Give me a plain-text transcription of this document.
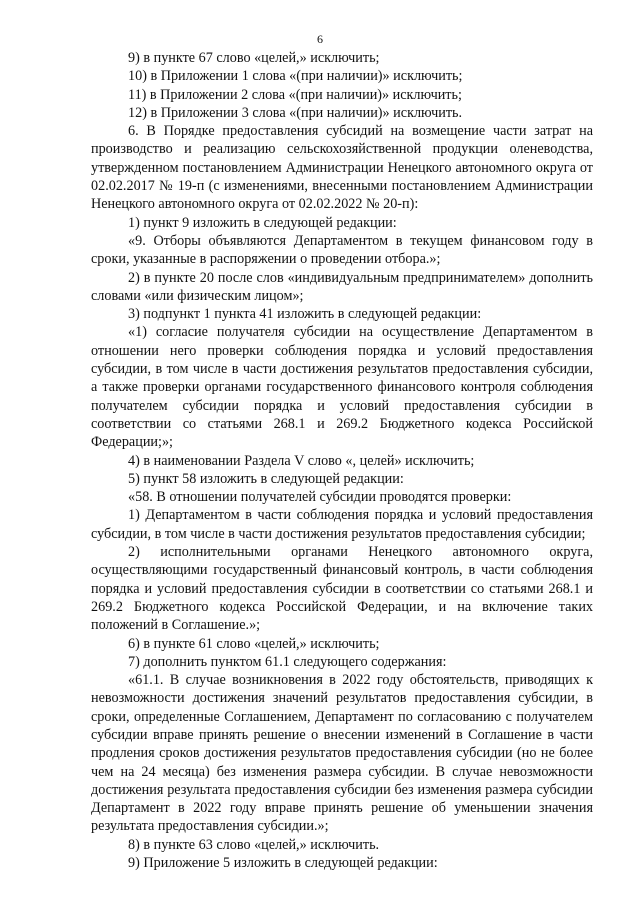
6

9) в пункте 67 слово «целей,» исключить;

10) в Приложении 1 слова «(при наличии)» исключить;

11) в Приложении 2 слова «(при наличии)» исключить;

12) в Приложении 3 слова «(при наличии)» исключить.

6. В Порядке предоставления субсидий на возмещение части затрат на производство и реализацию сельскохозяйственной продукции оленеводства, утвержденном постановлением Администрации Ненецкого автономного округа от 02.02.2017 № 19-п (с изменениями, внесенными постановлением Администрации Ненецкого автономного округа от 02.02.2022 № 20-п):

1) пункт 9 изложить в следующей редакции:

«9. Отборы объявляются Департаментом в текущем финансовом году в сроки, указанные в распоряжении о проведении отбора.»;

2) в пункте 20 после слов «индивидуальным предпринимателем» дополнить словами «или физическим лицом»;

3) подпункт 1 пункта 41 изложить в следующей редакции:

«1) согласие получателя субсидии на осуществление Департаментом в отношении него проверки соблюдения порядка и условий предоставления субсидии, в том числе в части достижения результатов предоставления субсидии, а также проверки органами государственного финансового контроля соблюдения получателем субсидии порядка и условий предоставления субсидии в соответствии со статьями 268.1 и 269.2 Бюджетного кодекса Российской Федерации;»;

4) в наименовании Раздела V слово «, целей» исключить;

5) пункт 58 изложить в следующей редакции:

«58. В отношении получателей субсидии проводятся проверки:

1) Департаментом в части соблюдения порядка и условий предоставления субсидии, в том числе в части достижения результатов предоставления субсидии;

2) исполнительными органами Ненецкого автономного округа, осуществляющими государственный финансовый контроль, в части соблюдения порядка и условий предоставления субсидии в соответствии со статьями 268.1 и 269.2 Бюджетного кодекса Российской Федерации, и на включение таких положений в Соглашение.»;

6) в пункте 61 слово «целей,» исключить;

7) дополнить пунктом 61.1 следующего содержания:

«61.1. В случае возникновения в 2022 году обстоятельств, приводящих к невозможности достижения значений результатов предоставления субсидии, в сроки, определенные Соглашением, Департамент по согласованию с получателем субсидии вправе принять решение о внесении изменений в Соглашение в части продления сроков достижения результатов предоставления субсидии (но не более чем на 24 месяца) без изменения размера субсидии. В случае невозможности достижения результата предоставления субсидии без изменения размера субсидии Департамент в 2022 году вправе принять решение об уменьшении значения результата предоставления субсидии.»;

8) в пункте 63 слово «целей,» исключить.

9) Приложение 5 изложить в следующей редакции:
